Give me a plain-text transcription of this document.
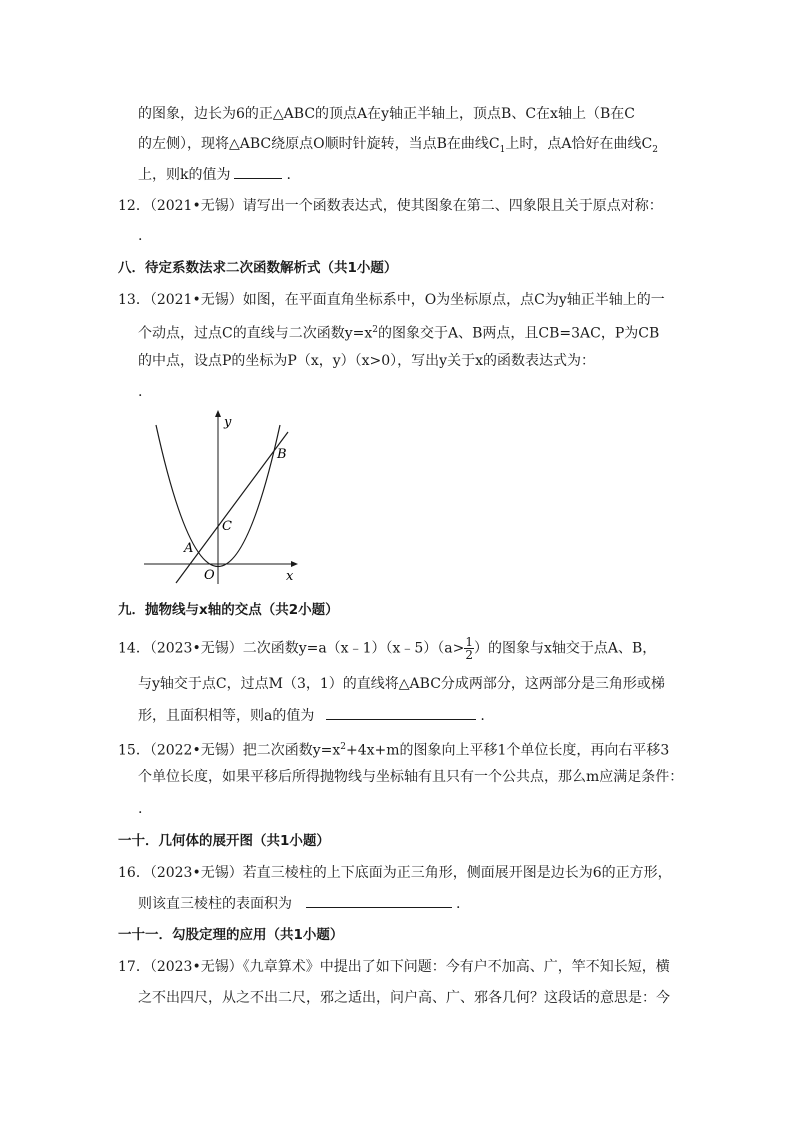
的图象，边长为6的正△ABC的顶点A在y轴正半轴上，顶点B、C在x轴上（B在C
的左侧），现将△ABC绕原点O顺时针旋转，当点B在曲线$C_1$上时，点A恰好在曲线$C_2$
上，则k的值为	.
12．（2021•无锡）请写出一个函数表达式，使其图象在第二、四象限且关于原点对称：
.
八．待定系数法求二次函数解析式（共1小题）
13．（2021•无锡）如图，在平面直角坐标系中，O为坐标原点，点C为y轴正半轴上的一
个动点，过点C的直线与二次函数$y=x^2$的图象交于A、B两点，且CB=3AC，P为CB
的中点，设点P的坐标为P（x，y）（x>0），写出y关于x的函数表达式为：
.
y
x
O
A
B
C
九．抛物线与x轴的交点（共2小题）
14．（2023•无锡）二次函数y=a（x﹣1）（x﹣5）（a> $\frac{1}{2}$ ）的图象与x轴交于点A、B，
与y轴交于点C，过点M（3，1）的直线将△ABC分成两部分，这两部分是三角形或梯
形，且面积相等，则a的值为	.
15．（2022•无锡）把二次函数$y=x^2+4x+m$的图象向上平移1个单位长度，再向右平移3
个单位长度，如果平移后所得抛物线与坐标轴有且只有一个公共点，那么m应满足条件：
.
一十．几何体的展开图（共1小题）
16．（2023•无锡）若直三棱柱的上下底面为正三角形，侧面展开图是边长为6的正方形，
则该直三棱柱的表面积为	.
一十一．勾股定理的应用（共1小题）
17．（2023•无锡）《九章算术》中提出了如下问题：今有户不加高、广，竿不知长短，横
之不出四尺，从之不出二尺，邪之适出，问户高、广、邪各几何？这段话的意思是：今
